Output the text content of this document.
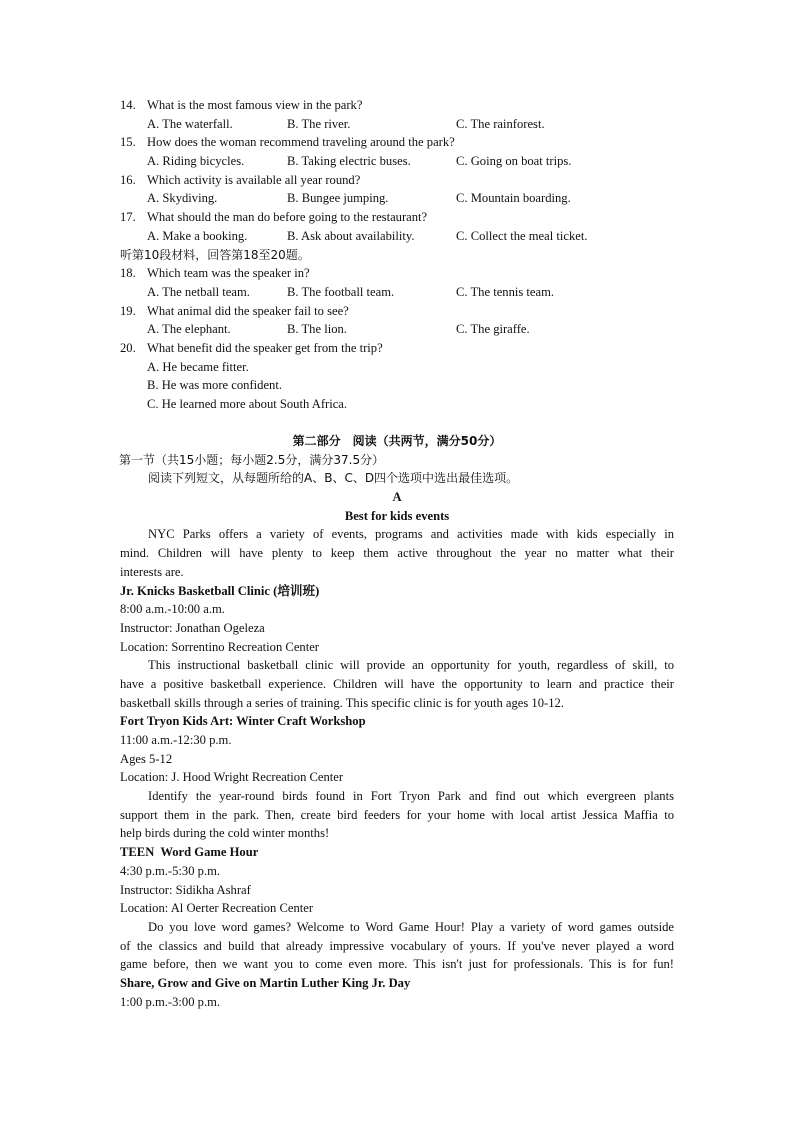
14. What is the most famous view in the park?
A. The waterfall.	B. The river.	C. The rainforest.
15. How does the woman recommend traveling around the park?
A. Riding bicycles.	B. Taking electric buses.	C. Going on boat trips.
16. Which activity is available all year round?
A. Skydiving.	B. Bungee jumping.	C. Mountain boarding.
17. What should the man do before going to the restaurant?
A. Make a booking.	B. Ask about availability.	C. Collect the meal ticket.
听第10段材料，回答第18至20题。
18. Which team was the speaker in?
A. The netball team.	B. The football team.	C. The tennis team.
19. What animal did the speaker fail to see?
A. The elephant.	B. The lion.	C. The giraffe.
20. What benefit did the speaker get from the trip?
A. He became fitter.
B. He was more confident.
C. He learned more about South Africa.
第二部分　阅读（共两节，满分50分）
第一节（共15小题；每小题2.5分，满分37.5分）
阅读下列短文，从每题所给的A、B、C、D四个选项中选出最佳选项。
A
Best for kids events
NYC Parks offers a variety of events, programs and activities made with kids especially in
mind. Children will have plenty to keep them active throughout the year no matter what their
interests are.
Jr. Knicks Basketball Clinic (培训班)
8:00 a.m.-10:00 a.m.
Instructor: Jonathan Ogeleza
Location: Sorrentino Recreation Center
This instructional basketball clinic will provide an opportunity for youth, regardless of skill, to
have a positive basketball experience. Children will have the opportunity to learn and practice their
basketball skills through a series of training. This specific clinic is for youth ages 10-12.
Fort Tryon Kids Art: Winter Craft Workshop
11:00 a.m.-12:30 p.m.
Ages 5-12
Location: J. Hood Wright Recreation Center
Identify the year-round birds found in Fort Tryon Park and find out which evergreen plants
support them in the park. Then, create bird feeders for your home with local artist Jessica Maffia to
help birds during the cold winter months!
TEEN  Word Game Hour
4:30 p.m.-5:30 p.m.
Instructor: Sidikha Ashraf
Location: Al Oerter Recreation Center
Do you love word games? Welcome to Word Game Hour! Play a variety of word games outside
of the classics and build that already impressive vocabulary of yours. If you've never played a word
game before, then we want you to come even more. This isn't just for professionals. This is for fun!
Share, Grow and Give on Martin Luther King Jr. Day
1:00 p.m.-3:00 p.m.
